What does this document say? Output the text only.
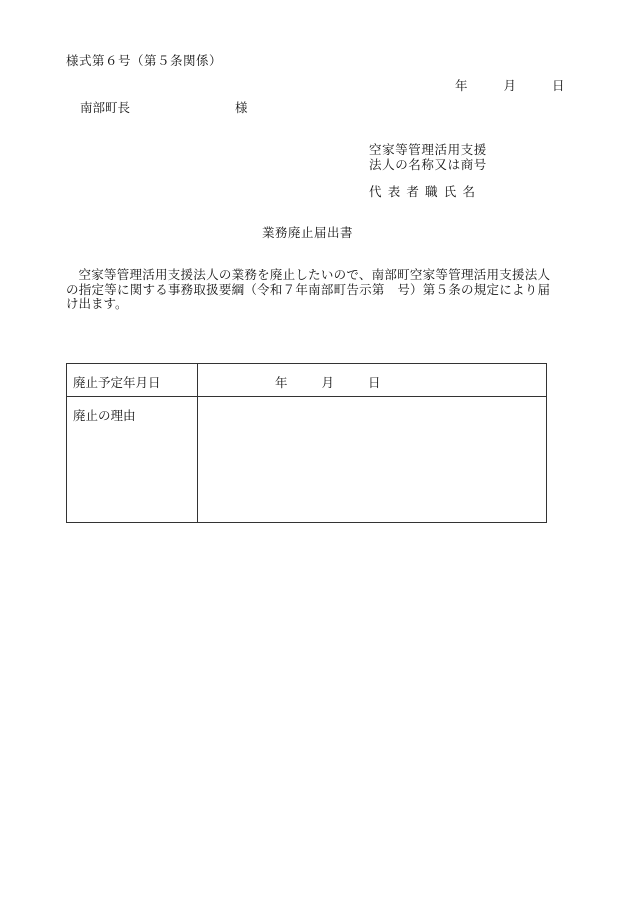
様式第６号（第５条関係）
年	月	日
南部町長	様
空家等管理活用支援
法人の名称又は商号
代表者職氏名
業務廃止届出書
空家等管理活用支援法人の業務を廃止したいので、南部町空家等管理活用支援法人の指定等に関する事務取扱要綱（令和７年南部町告示第　号）第５条の規定により届け出ます。
廃止予定年月日	年 月 日
廃止の理由	
